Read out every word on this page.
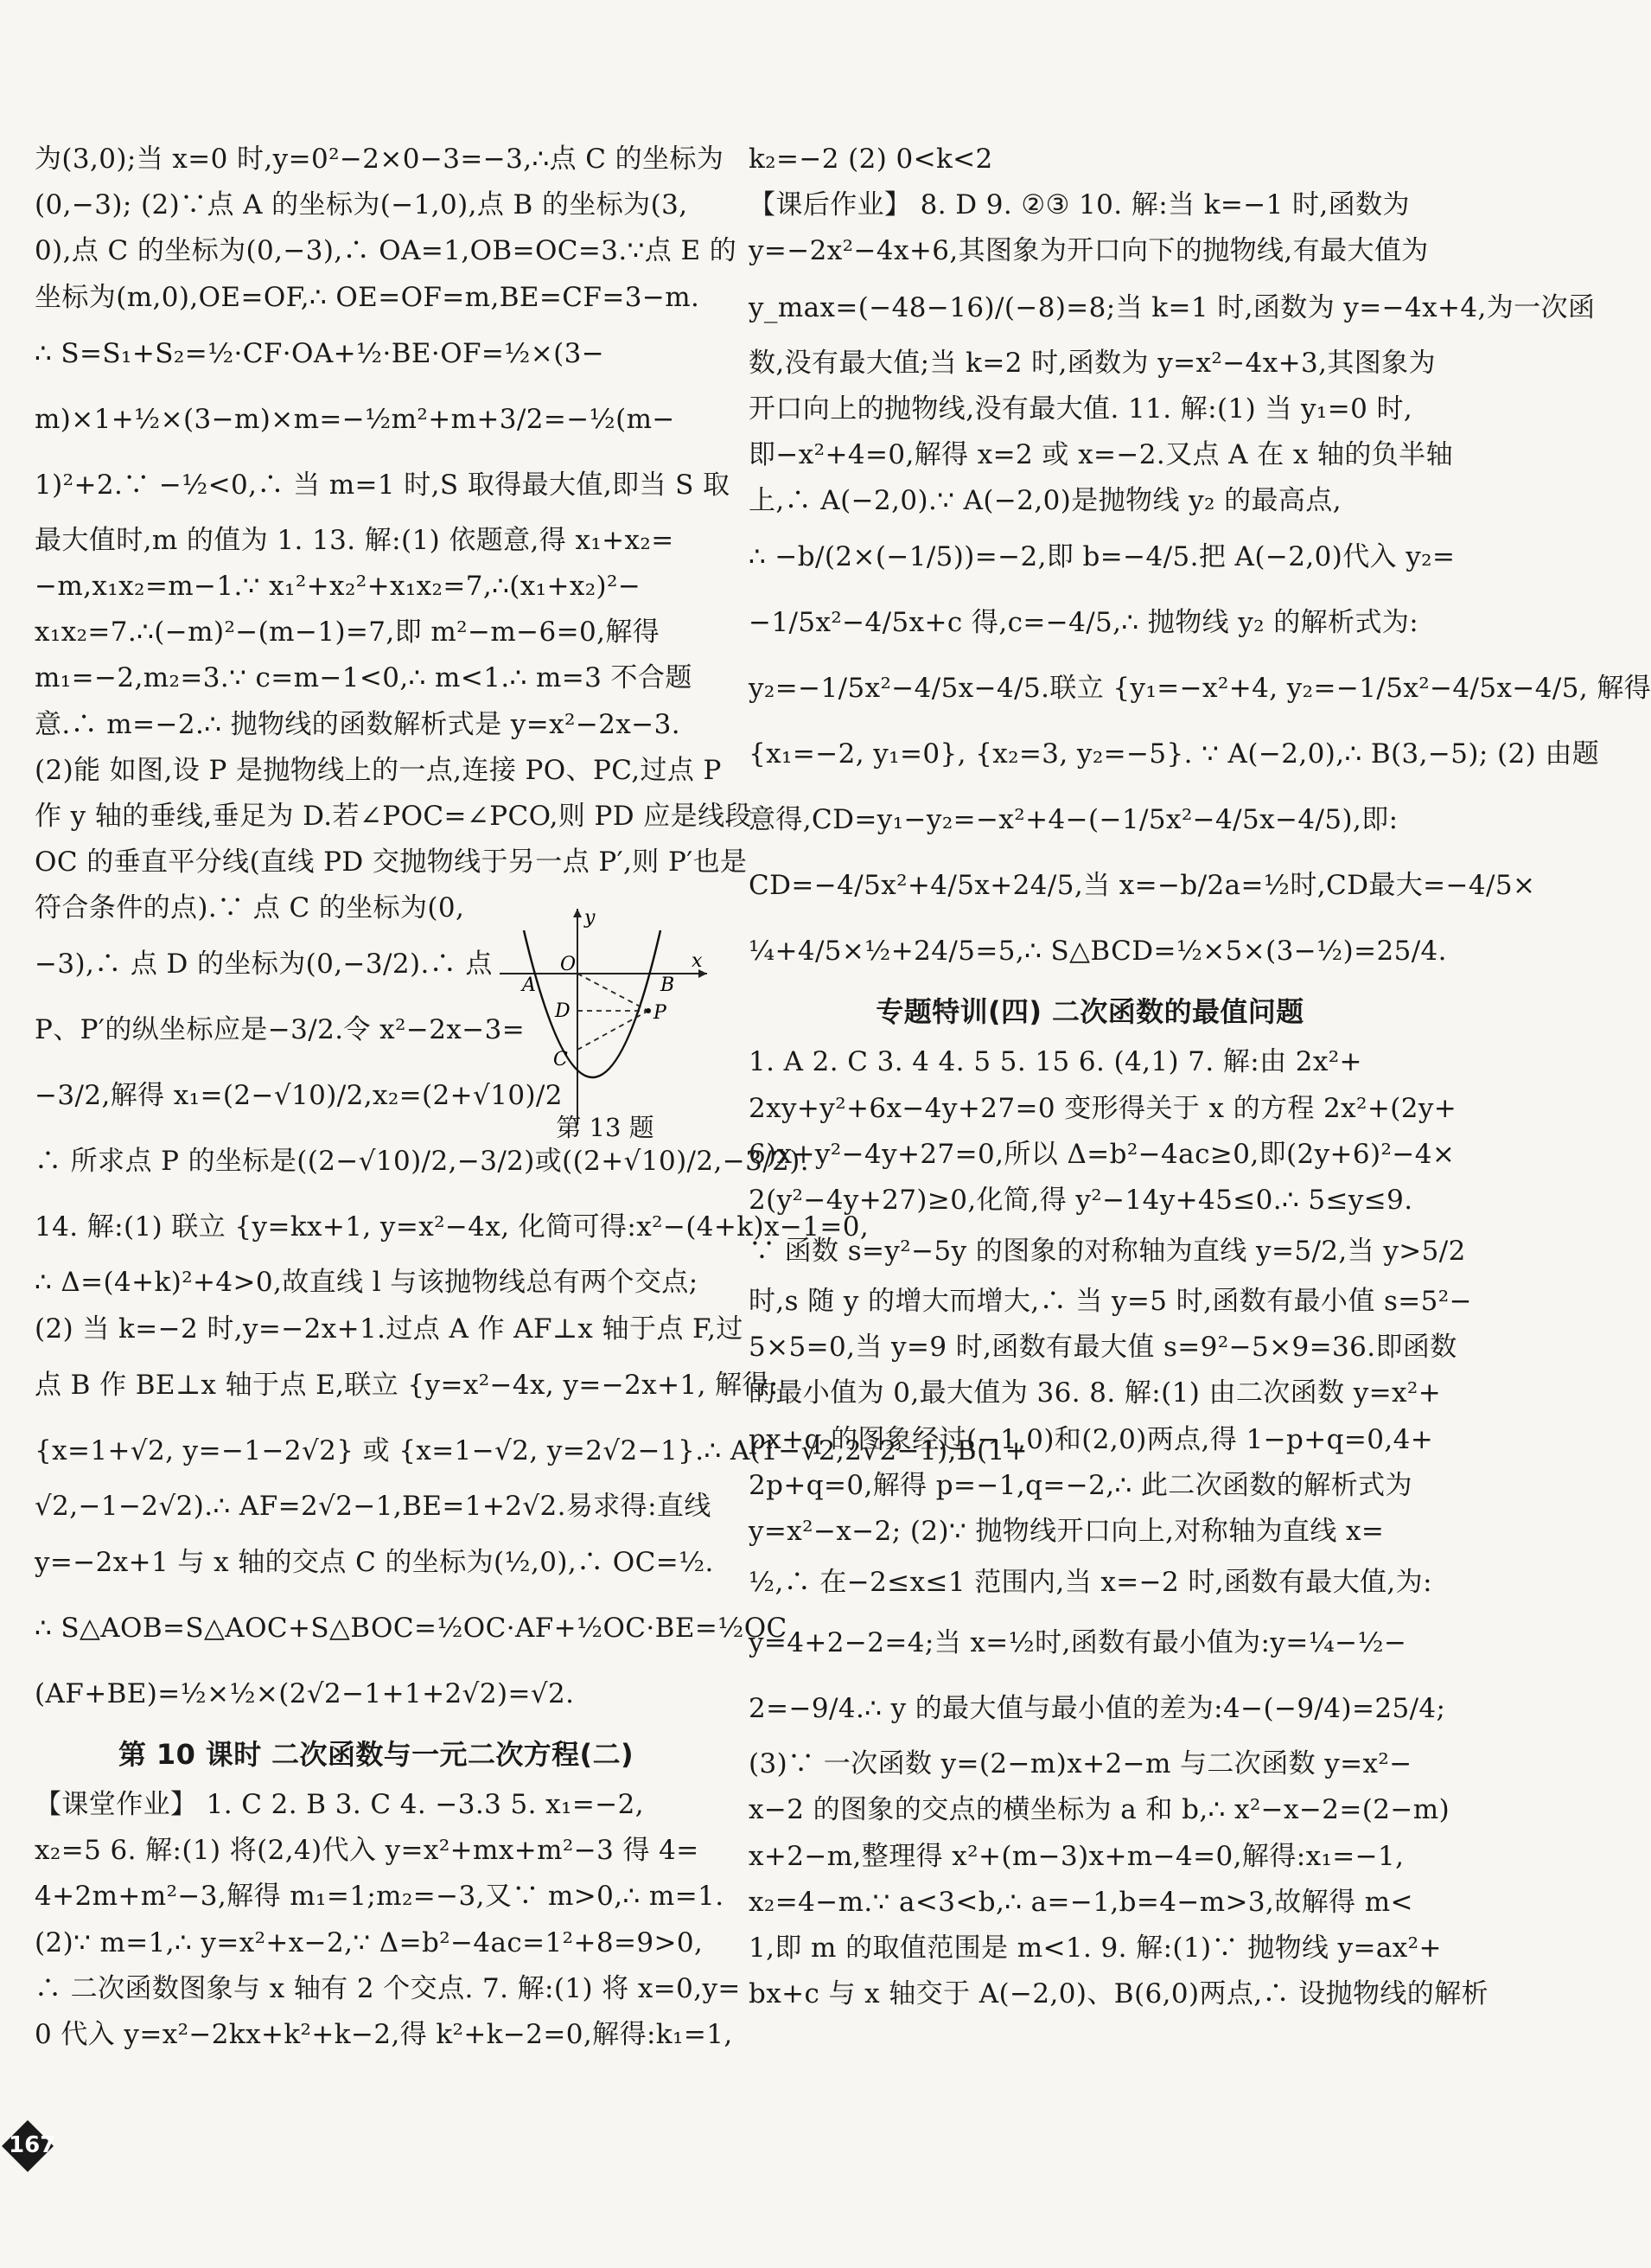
为(3,0);当 x=0 时,y=0²−2×0−3=−3,∴点 C 的坐标为
(0,−3); (2)∵点 A 的坐标为(−1,0),点 B 的坐标为(3,
0),点 C 的坐标为(0,−3),∴ OA=1,OB=OC=3.∵点 E 的
坐标为(m,0),OE=OF,∴ OE=OF=m,BE=CF=3−m.
∴ S=S₁+S₂=½·CF·OA+½·BE·OF=½×(3−
m)×1+½×(3−m)×m=−½m²+m+3/2=−½(m−
1)²+2.∵ −½<0,∴ 当 m=1 时,S 取得最大值,即当 S 取
最大值时,m 的值为 1. 13. 解:(1) 依题意,得 x₁+x₂=
−m,x₁x₂=m−1.∵ x₁²+x₂²+x₁x₂=7,∴(x₁+x₂)²−
x₁x₂=7.∴(−m)²−(m−1)=7,即 m²−m−6=0,解得
m₁=−2,m₂=3.∵ c=m−1<0,∴ m<1.∴ m=3 不合题
意.∴ m=−2.∴ 抛物线的函数解析式是 y=x²−2x−3.
(2)能 如图,设 P 是抛物线上的一点,连接 PO、PC,过点 P
作 y 轴的垂线,垂足为 D.若∠POC=∠PCO,则 PD 应是线段
OC 的垂直平分线(直线 PD 交抛物线于另一点 P′,则 P′也是
符合条件的点).∵ 点 C 的坐标为(0,
−3),∴ 点 D 的坐标为(0,−3/2).∴ 点
P、P′的纵坐标应是−3/2.令 x²−2x−3=
−3/2,解得 x₁=(2−√10)/2,x₂=(2+√10)/2
∴ 所求点 P 的坐标是((2−√10)/2,−3/2)或((2+√10)/2,−3/2).
14. 解:(1) 联立 {y=kx+1, y=x²−4x, 化简可得:x²−(4+k)x−1=0,
∴ Δ=(4+k)²+4>0,故直线 l 与该抛物线总有两个交点;
(2) 当 k=−2 时,y=−2x+1.过点 A 作 AF⊥x 轴于点 F,过
点 B 作 BE⊥x 轴于点 E,联立 {y=x²−4x, y=−2x+1, 解得:
{x=1+√2, y=−1−2√2} 或 {x=1−√2, y=2√2−1}.∴ A(1−√2,2√2−1),B(1+
√2,−1−2√2).∴ AF=2√2−1,BE=1+2√2.易求得:直线
y=−2x+1 与 x 轴的交点 C 的坐标为(½,0),∴ OC=½.
∴ S△AOB=S△AOC+S△BOC=½OC·AF+½OC·BE=½OC
(AF+BE)=½×½×(2√2−1+1+2√2)=√2.
第 10 课时 二次函数与一元二次方程(二)
【课堂作业】 1. C 2. B 3. C 4. −3.3 5. x₁=−2,
x₂=5 6. 解:(1) 将(2,4)代入 y=x²+mx+m²−3 得 4=
4+2m+m²−3,解得 m₁=1;m₂=−3,又∵ m>0,∴ m=1.
(2)∵ m=1,∴ y=x²+x−2,∵ Δ=b²−4ac=1²+8=9>0,
∴ 二次函数图象与 x 轴有 2 个交点. 7. 解:(1) 将 x=0,y=
0 代入 y=x²−2kx+k²+k−2,得 k²+k−2=0,解得:k₁=1,
y
x
O
A	B
D	P
C
第 13 题
k₂=−2 (2) 0<k<2
【课后作业】 8. D 9. ②③ 10. 解:当 k=−1 时,函数为
y=−2x²−4x+6,其图象为开口向下的抛物线,有最大值为
y_max=(−48−16)/(−8)=8;当 k=1 时,函数为 y=−4x+4,为一次函
数,没有最大值;当 k=2 时,函数为 y=x²−4x+3,其图象为
开口向上的抛物线,没有最大值. 11. 解:(1) 当 y₁=0 时,
即−x²+4=0,解得 x=2 或 x=−2.又点 A 在 x 轴的负半轴
上,∴ A(−2,0).∵ A(−2,0)是抛物线 y₂ 的最高点,
∴ −b/(2×(−1/5))=−2,即 b=−4/5.把 A(−2,0)代入 y₂=
−1/5x²−4/5x+c 得,c=−4/5,∴ 抛物线 y₂ 的解析式为:
y₂=−1/5x²−4/5x−4/5.联立 {y₁=−x²+4, y₂=−1/5x²−4/5x−4/5, 解得
{x₁=−2, y₁=0}, {x₂=3, y₂=−5}. ∵ A(−2,0),∴ B(3,−5); (2) 由题
意得,CD=y₁−y₂=−x²+4−(−1/5x²−4/5x−4/5),即:
CD=−4/5x²+4/5x+24/5,当 x=−b/2a=½时,CD最大=−4/5×
¼+4/5×½+24/5=5,∴ S△BCD=½×5×(3−½)=25/4.
专题特训(四) 二次函数的最值问题
1. A 2. C 3. 4 4. 5 5. 15 6. (4,1) 7. 解:由 2x²+
2xy+y²+6x−4y+27=0 变形得关于 x 的方程 2x²+(2y+
6)x+y²−4y+27=0,所以 Δ=b²−4ac≥0,即(2y+6)²−4×
2(y²−4y+27)≥0,化简,得 y²−14y+45≤0.∴ 5≤y≤9.
∵ 函数 s=y²−5y 的图象的对称轴为直线 y=5/2,当 y>5/2
时,s 随 y 的增大而增大,∴ 当 y=5 时,函数有最小值 s=5²−
5×5=0,当 y=9 时,函数有最大值 s=9²−5×9=36.即函数
的最小值为 0,最大值为 36. 8. 解:(1) 由二次函数 y=x²+
px+q 的图象经过(−1,0)和(2,0)两点,得 1−p+q=0,4+
2p+q=0,解得 p=−1,q=−2,∴ 此二次函数的解析式为
y=x²−x−2; (2)∵ 抛物线开口向上,对称轴为直线 x=
½,∴ 在−2≤x≤1 范围内,当 x=−2 时,函数有最大值,为:
y=4+2−2=4;当 x=½时,函数有最小值为:y=¼−½−
2=−9/4.∴ y 的最大值与最小值的差为:4−(−9/4)=25/4;
(3)∵ 一次函数 y=(2−m)x+2−m 与二次函数 y=x²−
x−2 的图象的交点的横坐标为 a 和 b,∴ x²−x−2=(2−m)
x+2−m,整理得 x²+(m−3)x+m−4=0,解得:x₁=−1,
x₂=4−m.∵ a<3<b,∴ a=−1,b=4−m>3,故解得 m<
1,即 m 的取值范围是 m<1. 9. 解:(1)∵ 抛物线 y=ax²+
bx+c 与 x 轴交于 A(−2,0)、B(6,0)两点,∴ 设抛物线的解析
167
